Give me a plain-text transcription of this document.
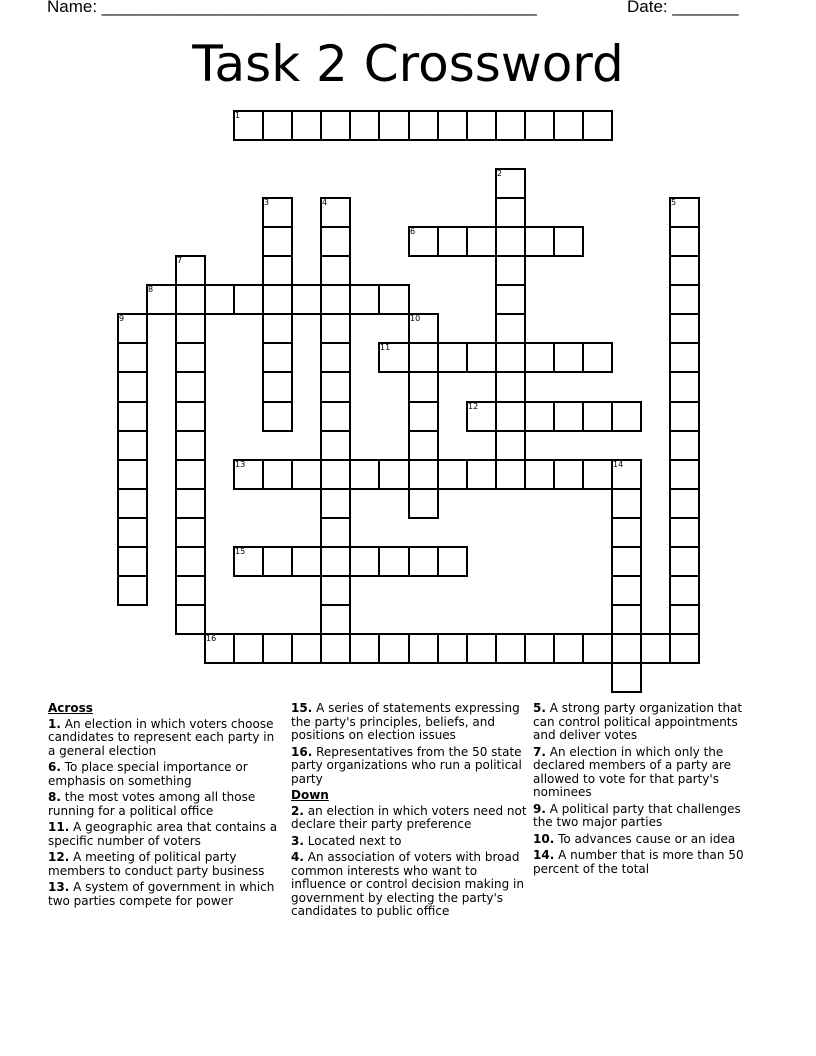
Name: ______________________________________________	Date: _______
Task 2 Crossword
1
2
3	4	5
6
7
8
9	10
11
12
13	14
15
16
Across
1. An election in which voters choose candidates to represent each party in a general election
6. To place special importance or emphasis on something
8. the most votes among all those running for a political office
11. A geographic area that contains a specific number of voters
12. A meeting of political party members to conduct party business
13. A system of government in which two parties compete for power
15. A series of statements expressing the party's principles, beliefs, and positions on election issues
16. Representatives from the 50 state party organizations who run a political party
Down
2. an election in which voters need not declare their party preference
3. Located next to
4. An association of voters with broad common interests who want to influence or control decision making in government by electing the party's candidates to public office
5. A strong party organization that can control political appointments and deliver votes
7. An election in which only the declared members of a party are allowed to vote for that party's nominees
9. A political party that challenges the two major parties
10. To advances cause or an idea
14. A number that is more than 50 percent of the total
